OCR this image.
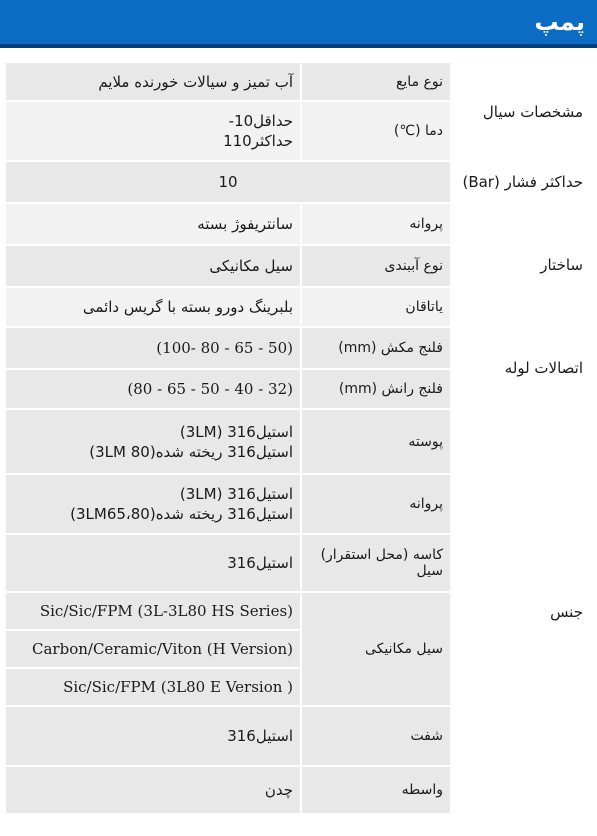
پمپ
مشخصات سیال	نوع مایع	آب تمیز و سیالات خورنده ملایم
	دما (℃)	حداقل10-
حداکثر110

حداکثر فشار (Bar)	10	
ساختار	پروانه	سانتریفوژ بسته
	نوع آببندی	سیل مکانیکی
	یاتاقان	بلبرینگ دورو بسته با گریس دائمی
اتصالات لوله	فلنج مکش (mm)	(50 - 65 - 80 -100)
	فلنج رانش (mm)	(32 - 40 - 50 - 65 - 80)
جنس	پوسته	استیل316 (3LM)
استیل316 ریخته شده(3LM 80)

	پروانه	استیل316 (3LM)
استیل316 ریخته شده(3LM65،80)

	کاسه (محل استقرار) سیل	استیل316
	سیل مکانیکی	Sic/Sic/FPM (3L-3L80 HS Series)
		Carbon/Ceramic/Viton (H Version)
		Sic/Sic/FPM (3L80 E Version )
	شفت	استیل316
	واسطه	چدن
